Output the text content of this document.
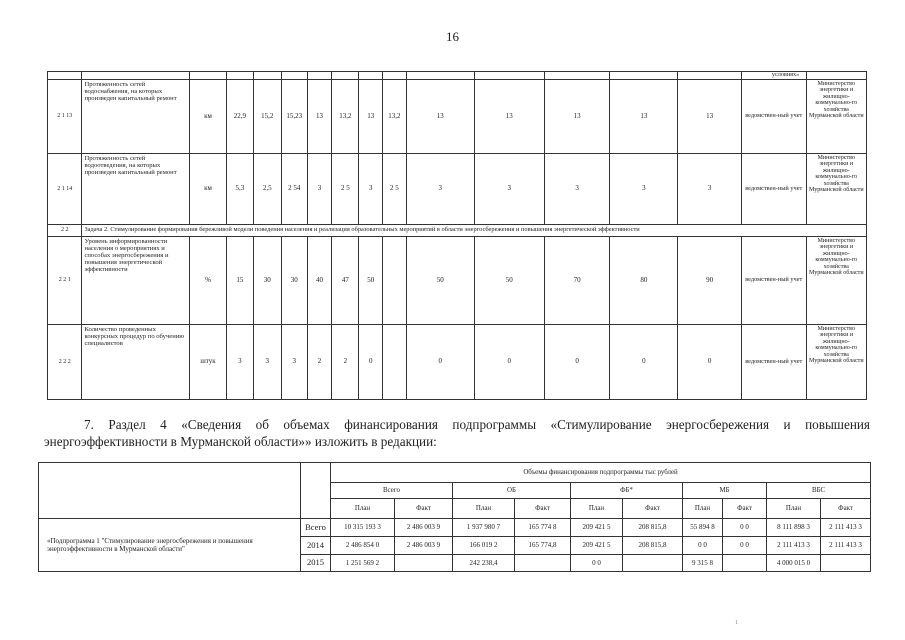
16
															условиях»	
2 1 13	Протяженность сетей водоснабжения, на которых произведен капитальный ремонт	км	22,9	15,2	15,23	13	13,2	13	13,2	13	13	13	13	13	ведомствен-ный учет	Министерство энергетики и жилищно-коммунально-го хозяйства Мурманской области
2 1 14	Протяженность сетей водоотведения, на которых произведен капитальный ремонт	км	5,3	2,5	2 54	3	2 5	3	2 5	3	3	3	3	3	ведомствен-ный учет	Министерство энергетики и жилищно-коммунально-го хозяйства Мурманской области
2 2	Задача 2. Стимулирование формирования бережливой модели поведения населения и реализация образовательных мероприятий в области энергосбережения и повышения энергетической эффективности															
2 2 1	Уровень информированности населения о мероприятиях и способах энергосбережения и повышения энергетической эффективности	%	15	30	30	40	47	50		50	50	70	80	90	ведомствен-ный учет	Министерство энергетики и жилищно-коммунально-го хозяйства Мурманской области
2 2 2	Количество проведенных конкурсных процедур по обучению специалистов	штук	3	3	3	2	2	0		0	0	0	0	0	ведомствен-ный учет	Министерство энергетики и жилищно-коммунально-го хозяйства Мурманской области

7. Раздел 4 «Сведения об объемах финансирования подпрограммы «Стимулирование энергосбережения и повышения энергоэффективности в Мурманской области»» изложить в редакции:

		Объемы финансирования подпрограммы тыс рублей									
		Всего		ОБ		ФБ*		МБ		ВБС	
		План	Факт	План	Факт	План	Факт	План	Факт	План	Факт
«Подпрограмма 1 "Стимулирование энергосбережения и повышения энергоэффективности в Мурманской области"	Всего	10 315 193 3	2 486 003 9	1 937 980 7	165 774 8	209 421 5	208 815,8	55 894 8	0 0	8 111 898 3	2 111 413 3
	2014	2 486 854 0	2 486 003 9	166 019 2	165 774,8	209 421 5	208 815,8	0 0	0 0	2 111 413 3	2 111 413 3
	2015	1 251 569 2		242 238,4		0 0		9 315 8		4 000 015 0	
1
